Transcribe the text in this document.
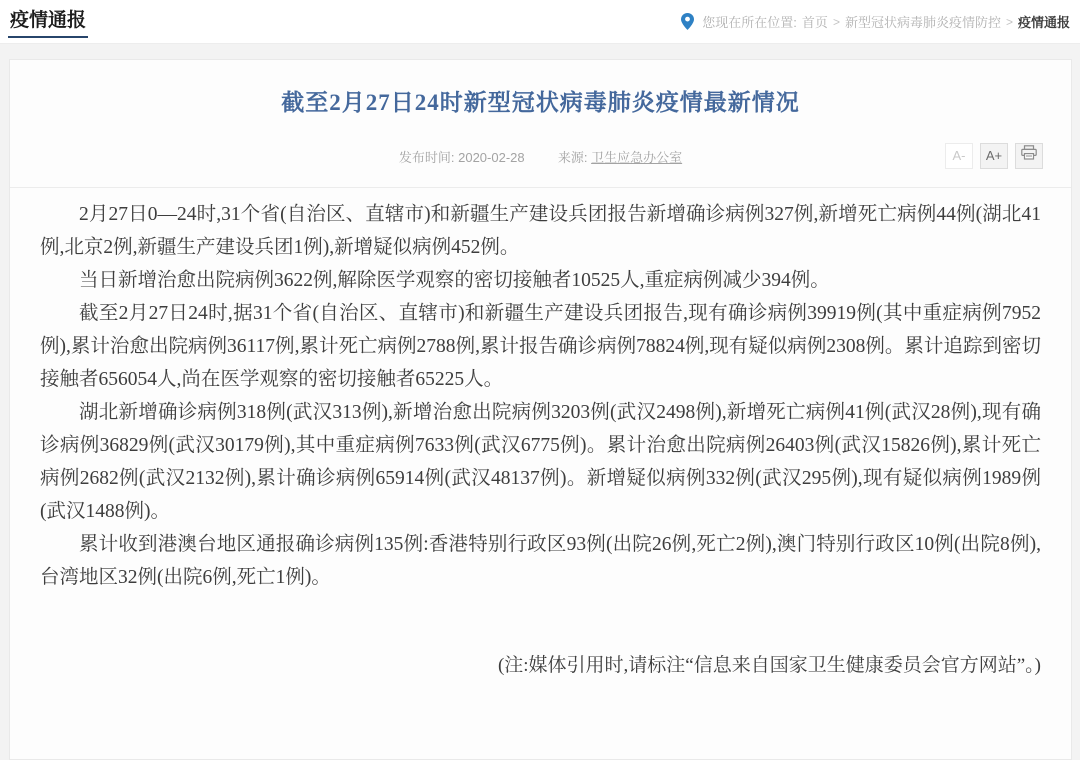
疫情通报	您现在所在位置: 首页 > 新型冠状病毒肺炎疫情防控 > 疫情通报
截至2月27日24时新型冠状病毒肺炎疫情最新情况
发布时间: 2020-02-28	来源: 卫生应急办公室	A-	A+

2月27日0—24时,31个省(自治区、直辖市)和新疆生产建设兵团报告新增确诊病例327例,新增死亡病例44例(湖北41例,北京2例,新疆生产建设兵团1例),新增疑似病例452例。

当日新增治愈出院病例3622例,解除医学观察的密切接触者10525人,重症病例减少394例。

截至2月27日24时,据31个省(自治区、直辖市)和新疆生产建设兵团报告,现有确诊病例39919例(其中重症病例7952例),累计治愈出院病例36117例,累计死亡病例2788例,累计报告确诊病例78824例,现有疑似病例2308例。累计追踪到密切接触者656054人,尚在医学观察的密切接触者65225人。

湖北新增确诊病例318例(武汉313例),新增治愈出院病例3203例(武汉2498例),新增死亡病例41例(武汉28例),现有确诊病例36829例(武汉30179例),其中重症病例7633例(武汉6775例)。累计治愈出院病例26403例(武汉15826例),累计死亡病例2682例(武汉2132例),累计确诊病例65914例(武汉48137例)。新增疑似病例332例(武汉295例),现有疑似病例1989例(武汉1488例)。

累计收到港澳台地区通报确诊病例135例:香港特别行政区93例(出院26例,死亡2例),澳门特别行政区10例(出院8例),台湾地区32例(出院6例,死亡1例)。

(注:媒体引用时,请标注“信息来自国家卫生健康委员会官方网站”。)
